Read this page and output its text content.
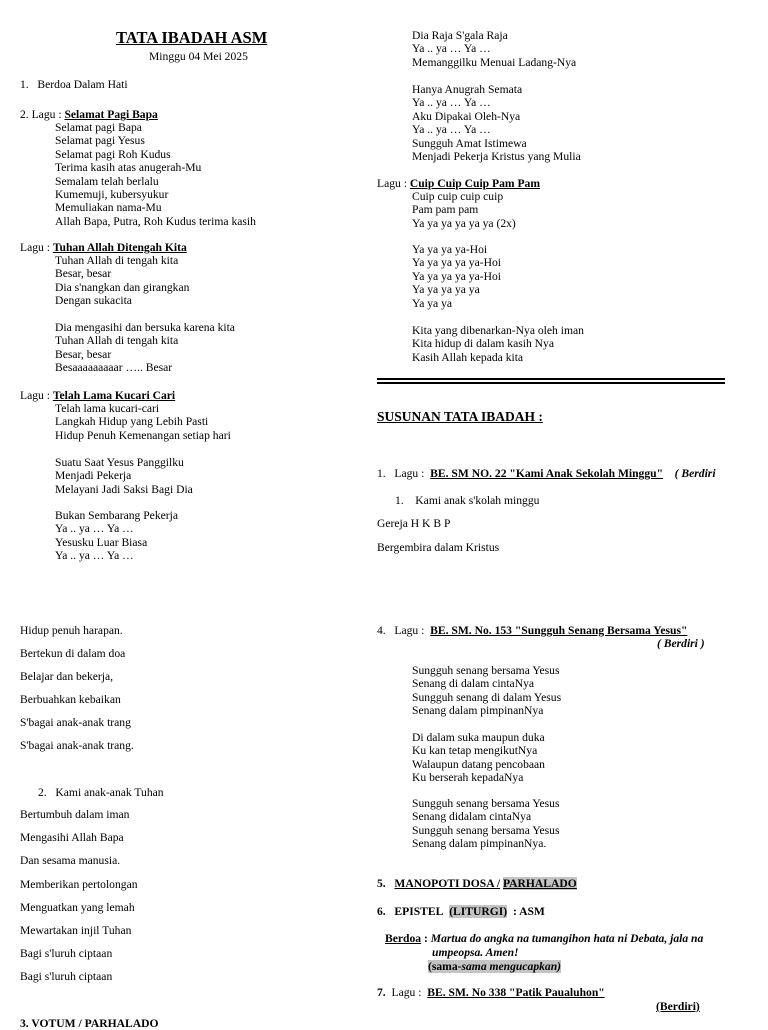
TATA IBADAH ASM
Minggu 04 Mei 2025
1. Berdoa Dalam Hati
2. Lagu : Selamat Pagi Bapa
Selamat pagi Bapa
Selamat pagi Yesus
Selamat pagi Roh Kudus
Terima kasih atas anugerah-Mu
Semalam telah berlalu
Kumemuji, kubersyukur
Memuliakan nama-Mu
Allah Bapa, Putra, Roh Kudus terima kasih
Lagu : Tuhan Allah Ditengah Kita
Tuhan Allah di tengah kita
Besar, besar
Dia s'nangkan dan girangkan
Dengan sukacita
Dia mengasihi dan bersuka karena kita
Tuhan Allah di tengah kita
Besar, besar
Besaaaaaaaaar ….. Besar
Lagu : Telah Lama Kucari Cari
Telah lama kucari-cari
Langkah Hidup yang Lebih Pasti
Hidup Penuh Kemenangan setiap hari
Suatu Saat Yesus Panggilku
Menjadi Pekerja
Melayani Jadi Saksi Bagi Dia
Bukan Sembarang Pekerja
Ya .. ya … Ya …
Yesusku Luar Biasa
Ya .. ya … Ya …
Hidup penuh harapan.
Bertekun di dalam doa
Belajar dan bekerja,
Berbuahkan kebaikan
S'bagai anak-anak trang
S'bagai anak-anak trang.
2. Kami anak-anak Tuhan
Bertumbuh dalam iman
Mengasihi Allah Bapa
Dan sesama manusia.
Memberikan pertolongan
Menguatkan yang lemah
Mewartakan injil Tuhan
Bagi s'luruh ciptaan
Bagi s'luruh ciptaan
3. VOTUM / PARHALADO
Dia Raja S'gala Raja
Ya .. ya … Ya …
Memanggilku Menuai Ladang-Nya
Hanya Anugrah Semata
Ya .. ya … Ya …
Aku Dipakai Oleh-Nya
Ya .. ya … Ya …
Sungguh Amat Istimewa
Menjadi Pekerja Kristus yang Mulia
Lagu : Cuip Cuip Cuip Pam Pam
Cuip cuip cuip cuip
Pam pam pam
Ya ya ya ya ya ya (2x)
Ya ya ya ya-Hoi
Ya ya ya ya ya-Hoi
Ya ya ya ya ya-Hoi
Ya ya ya ya ya
Ya ya ya
Kita yang dibenarkan-Nya oleh iman
Kita hidup di dalam kasih Nya
Kasih Allah kepada kita
SUSUNAN TATA IBADAH :
1. Lagu : BE. SM NO. 22 "Kami Anak Sekolah Minggu" ( Berdiri
1. Kami anak s'kolah minggu
Gereja H K B P
Bergembira dalam Kristus
4. Lagu : BE. SM. No. 153 "Sungguh Senang Bersama Yesus"
( Berdiri )
Sungguh senang bersama Yesus
Senang di dalam cintaNya
Sungguh senang di dalam Yesus
Senang dalam pimpinanNya
Di dalam suka maupun duka
Ku kan tetap mengikutNya
Walaupun datang pencobaan
Ku berserah kepadaNya
Sungguh senang bersama Yesus
Senang didalam cintaNya
Sungguh senang bersama Yesus
Senang dalam pimpinanNya.
5. MANOPOTI DOSA / PARHALADO
6. EPISTEL (LITURGI) : ASM
Berdoa : Martua do angka na tumangihon hata ni Debata, jala na
umpeopsa. Amen!
(sama-sama mengucapkan)
7. Lagu : BE. SM. No 338 "Patik Paualuhon"
(Berdiri)
